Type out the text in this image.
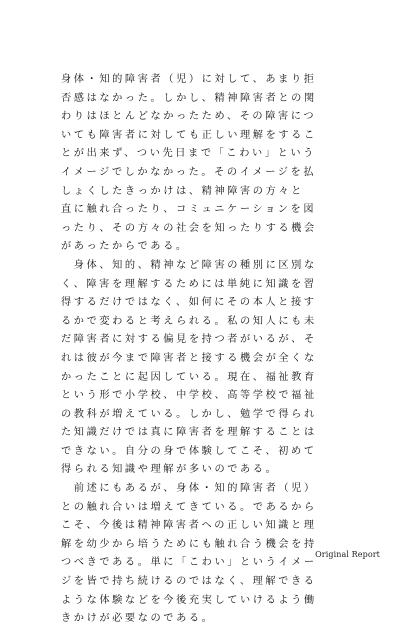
身体・知的障害者（児）に対して、あまり拒
否感はなかった。しかし、精神障害者との関
わりはほとんどなかったため、その障害につ
いても障害者に対しても正しい理解をするこ
とが出来ず、つい先日まで「こわい」という
イメージでしかなかった。そのイメージを払
しょくしたきっかけは、精神障害の方々と
直に触れ合ったり、コミュニケーションを図
ったり、その方々の社会を知ったりする機会
があったからである。
　身体、知的、精神など障害の種別に区別な
く、障害を理解するためには単純に知識を習
得するだけではなく、如何にその本人と接す
るかで変わると考えられる。私の知人にも未
だ障害者に対する偏見を持つ者がいるが、そ
れは彼が今まで障害者と接する機会が全くな
かったことに起因している。現在、福祉教育
という形で小学校、中学校、高等学校で福祉
の教科が増えている。しかし、勉学で得られ
た知識だけでは真に障害者を理解することは
できない。自分の身で体験してこそ、初めて
得られる知識や理解が多いのである。
　前述にもあるが、身体・知的障害者（児）
との触れ合いは増えてきている。であるから
こそ、今後は精神障害者への正しい知識と理
解を幼少から培うためにも触れ合う機会を持
つべきである。単に「こわい」というイメー
ジを皆で持ち続けるのではなく、理解できる
ような体験などを今後充実していけるよう働
きかけが必要なのである。
Original Report
